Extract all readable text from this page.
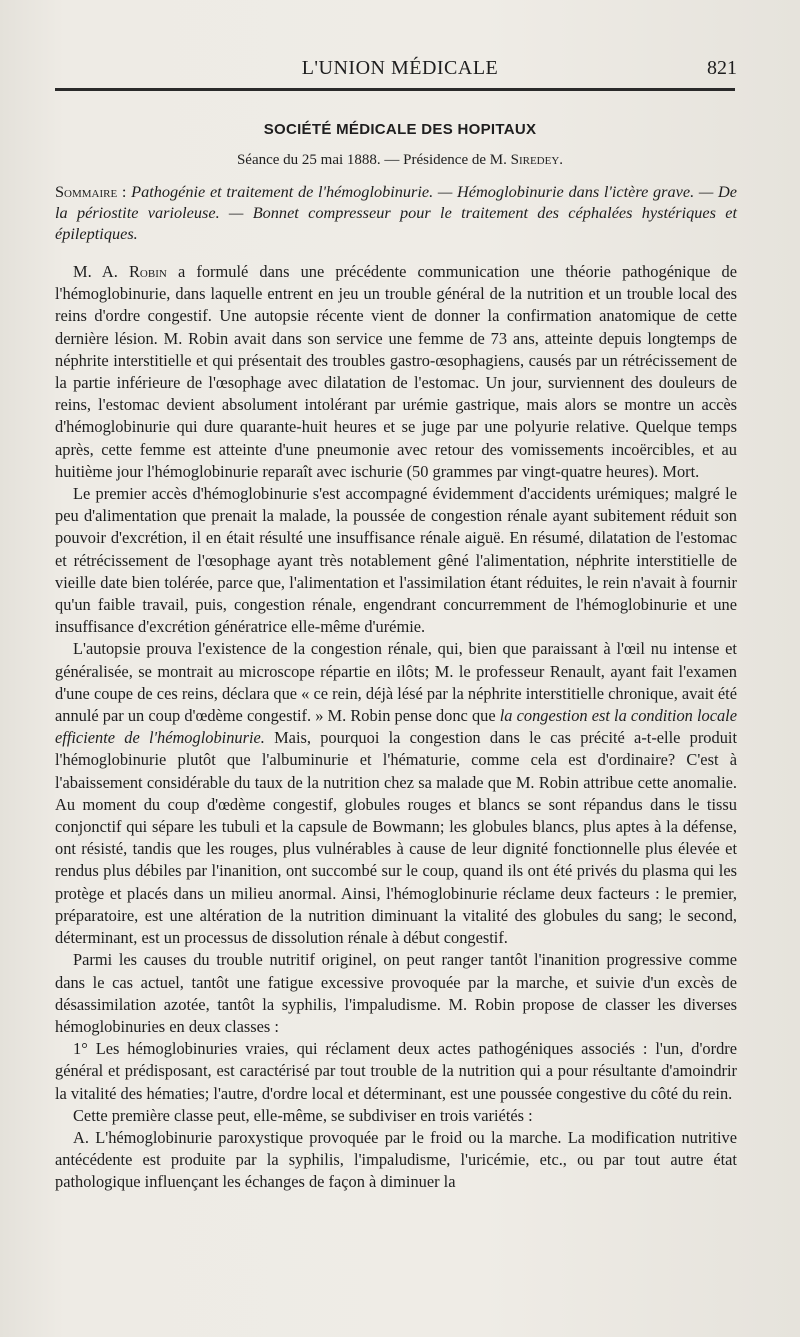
L'UNION MÉDICALE	821
SOCIÉTÉ MÉDICALE DES HOPITAUX
Séance du 25 mai 1888. — Présidence de M. Siredey.
Sommaire : Pathogénie et traitement de l'hémoglobinurie. — Hémoglobinurie dans l'ictère grave. — De la périostite varioleuse. — Bonnet compresseur pour le traitement des céphalées hystériques et épileptiques.

M. A. Robin a formulé dans une précédente communication une théorie pathogénique de l'hémoglobinurie, dans laquelle entrent en jeu un trouble général de la nutrition et un trouble local des reins d'ordre congestif. Une autopsie récente vient de donner la confirmation anatomique de cette dernière lésion. M. Robin avait dans son service une femme de 73 ans, atteinte depuis longtemps de néphrite interstitielle et qui présentait des troubles gastro-œsophagiens, causés par un rétrécissement de la partie inférieure de l'œsophage avec dilatation de l'estomac. Un jour, surviennent des douleurs de reins, l'estomac devient absolument intolérant par urémie gastrique, mais alors se montre un accès d'hémoglobinurie qui dure quarante-huit heures et se juge par une polyurie relative. Quelque temps après, cette femme est atteinte d'une pneumonie avec retour des vomissements incoërcibles, et au huitième jour l'hémoglobinurie reparaît avec ischurie (50 grammes par vingt-quatre heures). Mort.

Le premier accès d'hémoglobinurie s'est accompagné évidemment d'accidents urémiques; malgré le peu d'alimentation que prenait la malade, la poussée de congestion rénale ayant subitement réduit son pouvoir d'excrétion, il en était résulté une insuffisance rénale aiguë. En résumé, dilatation de l'estomac et rétrécissement de l'œsophage ayant très notablement gêné l'alimentation, néphrite interstitielle de vieille date bien tolérée, parce que, l'alimentation et l'assimilation étant réduites, le rein n'avait à fournir qu'un faible travail, puis, congestion rénale, engendrant concurremment de l'hémoglobinurie et une insuffisance d'excrétion génératrice elle-même d'urémie.

L'autopsie prouva l'existence de la congestion rénale, qui, bien que paraissant à l'œil nu intense et généralisée, se montrait au microscope répartie en ilôts; M. le professeur Renault, ayant fait l'examen d'une coupe de ces reins, déclara que « ce rein, déjà lésé par la néphrite interstitielle chronique, avait été annulé par un coup d'œdème congestif. » M. Robin pense donc que la congestion est la condition locale efficiente de l'hémoglobinurie. Mais, pourquoi la congestion dans le cas précité a-t-elle produit l'hémoglobinurie plutôt que l'albuminurie et l'hématurie, comme cela est d'ordinaire? C'est à l'abaissement considérable du taux de la nutrition chez sa malade que M. Robin attribue cette anomalie. Au moment du coup d'œdème congestif, globules rouges et blancs se sont répandus dans le tissu conjonctif qui sépare les tubuli et la capsule de Bowmann; les globules blancs, plus aptes à la défense, ont résisté, tandis que les rouges, plus vulnérables à cause de leur dignité fonctionnelle plus élevée et rendus plus débiles par l'inanition, ont succombé sur le coup, quand ils ont été privés du plasma qui les protège et placés dans un milieu anormal. Ainsi, l'hémoglobinurie réclame deux facteurs : le premier, préparatoire, est une altération de la nutrition diminuant la vitalité des globules du sang; le second, déterminant, est un processus de dissolution rénale à début congestif.

Parmi les causes du trouble nutritif originel, on peut ranger tantôt l'inanition progressive comme dans le cas actuel, tantôt une fatigue excessive provoquée par la marche, et suivie d'un excès de désassimilation azotée, tantôt la syphilis, l'impaludisme. M. Robin propose de classer les diverses hémoglobinuries en deux classes :

1° Les hémoglobinuries vraies, qui réclament deux actes pathogéniques associés : l'un, d'ordre général et prédisposant, est caractérisé par tout trouble de la nutrition qui a pour résultante d'amoindrir la vitalité des hématies; l'autre, d'ordre local et déterminant, est une poussée congestive du côté du rein.

Cette première classe peut, elle-même, se subdiviser en trois variétés :

A. L'hémoglobinurie paroxystique provoquée par le froid ou la marche. La modification nutritive antécédente est produite par la syphilis, l'impaludisme, l'uricémie, etc., ou par tout autre état pathologique influençant les échanges de façon à diminuer la
